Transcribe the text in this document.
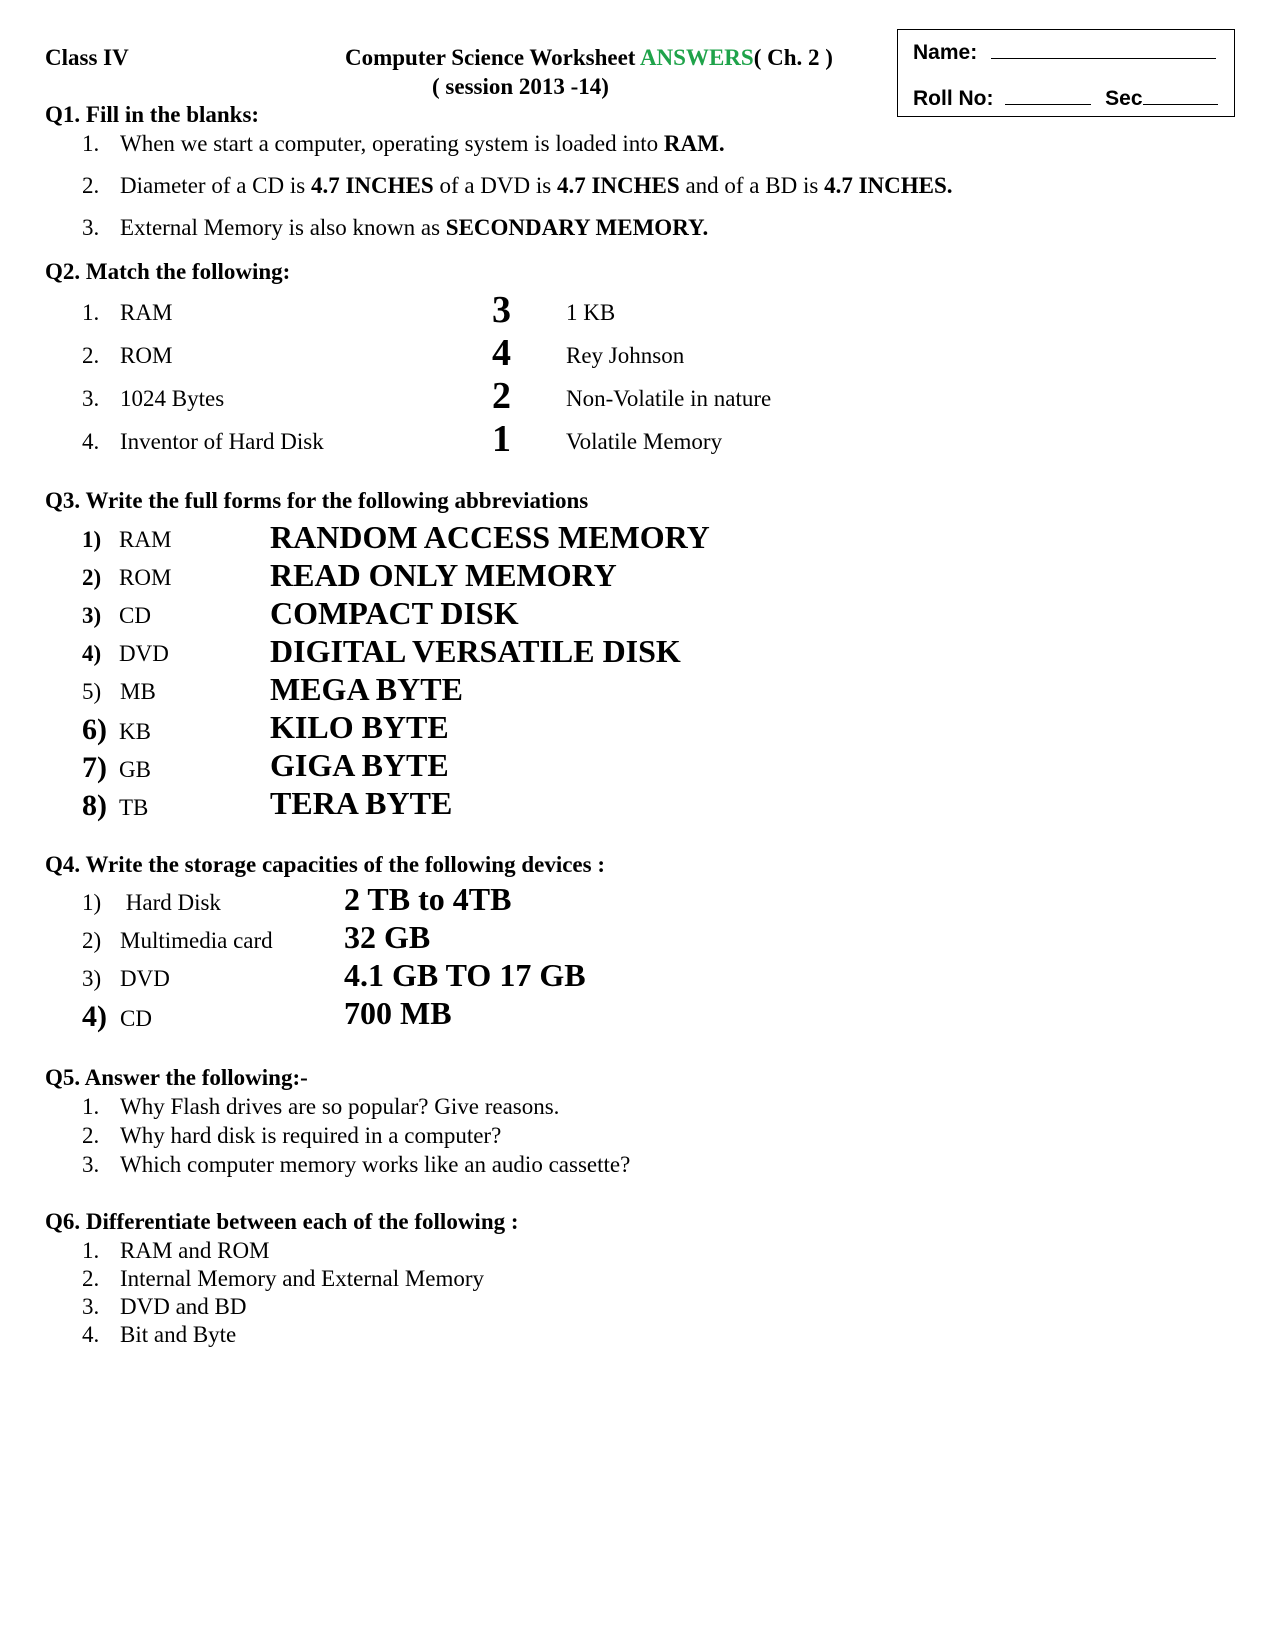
Class IV	Computer Science Worksheet ANSWERS( Ch. 2 )
( session 2013 -14)
Name:
Roll No:	Sec
Q1. Fill in the blanks:
1. When we start a computer, operating system is loaded into RAM.
2. Diameter of a CD is 4.7 INCHES of a DVD is 4.7 INCHES and of a BD is 4.7 INCHES.
3. External Memory is also known as SECONDARY MEMORY.
Q2. Match the following:
1. RAM	3 1 KB
2. ROM	4 Rey Johnson
3. 1024 Bytes	2 Non-Volatile in nature
4. Inventor of Hard Disk	1 Volatile Memory
Q3. Write the full forms for the following abbreviations
1) RAM	RANDOM ACCESS MEMORY
2) ROM	READ ONLY MEMORY
3) CD	COMPACT DISK
4) DVD	DIGITAL VERSATILE DISK
5) MB	MEGA BYTE
6) KB	KILO BYTE
7) GB	GIGA BYTE
8) TB	TERA BYTE
Q4. Write the storage capacities of the following devices :
1) Hard Disk	2 TB to 4TB
2) Multimedia card 32 GB
3) DVD	4.1 GB TO 17 GB
4) CD	700 MB
Q5. Answer the following:-
1. Why Flash drives are so popular? Give reasons.
2. Why hard disk is required in a computer?
3. Which computer memory works like an audio cassette?
Q6. Differentiate between each of the following :
1. RAM and ROM
2. Internal Memory and External Memory
3. DVD and BD
4. Bit and Byte
